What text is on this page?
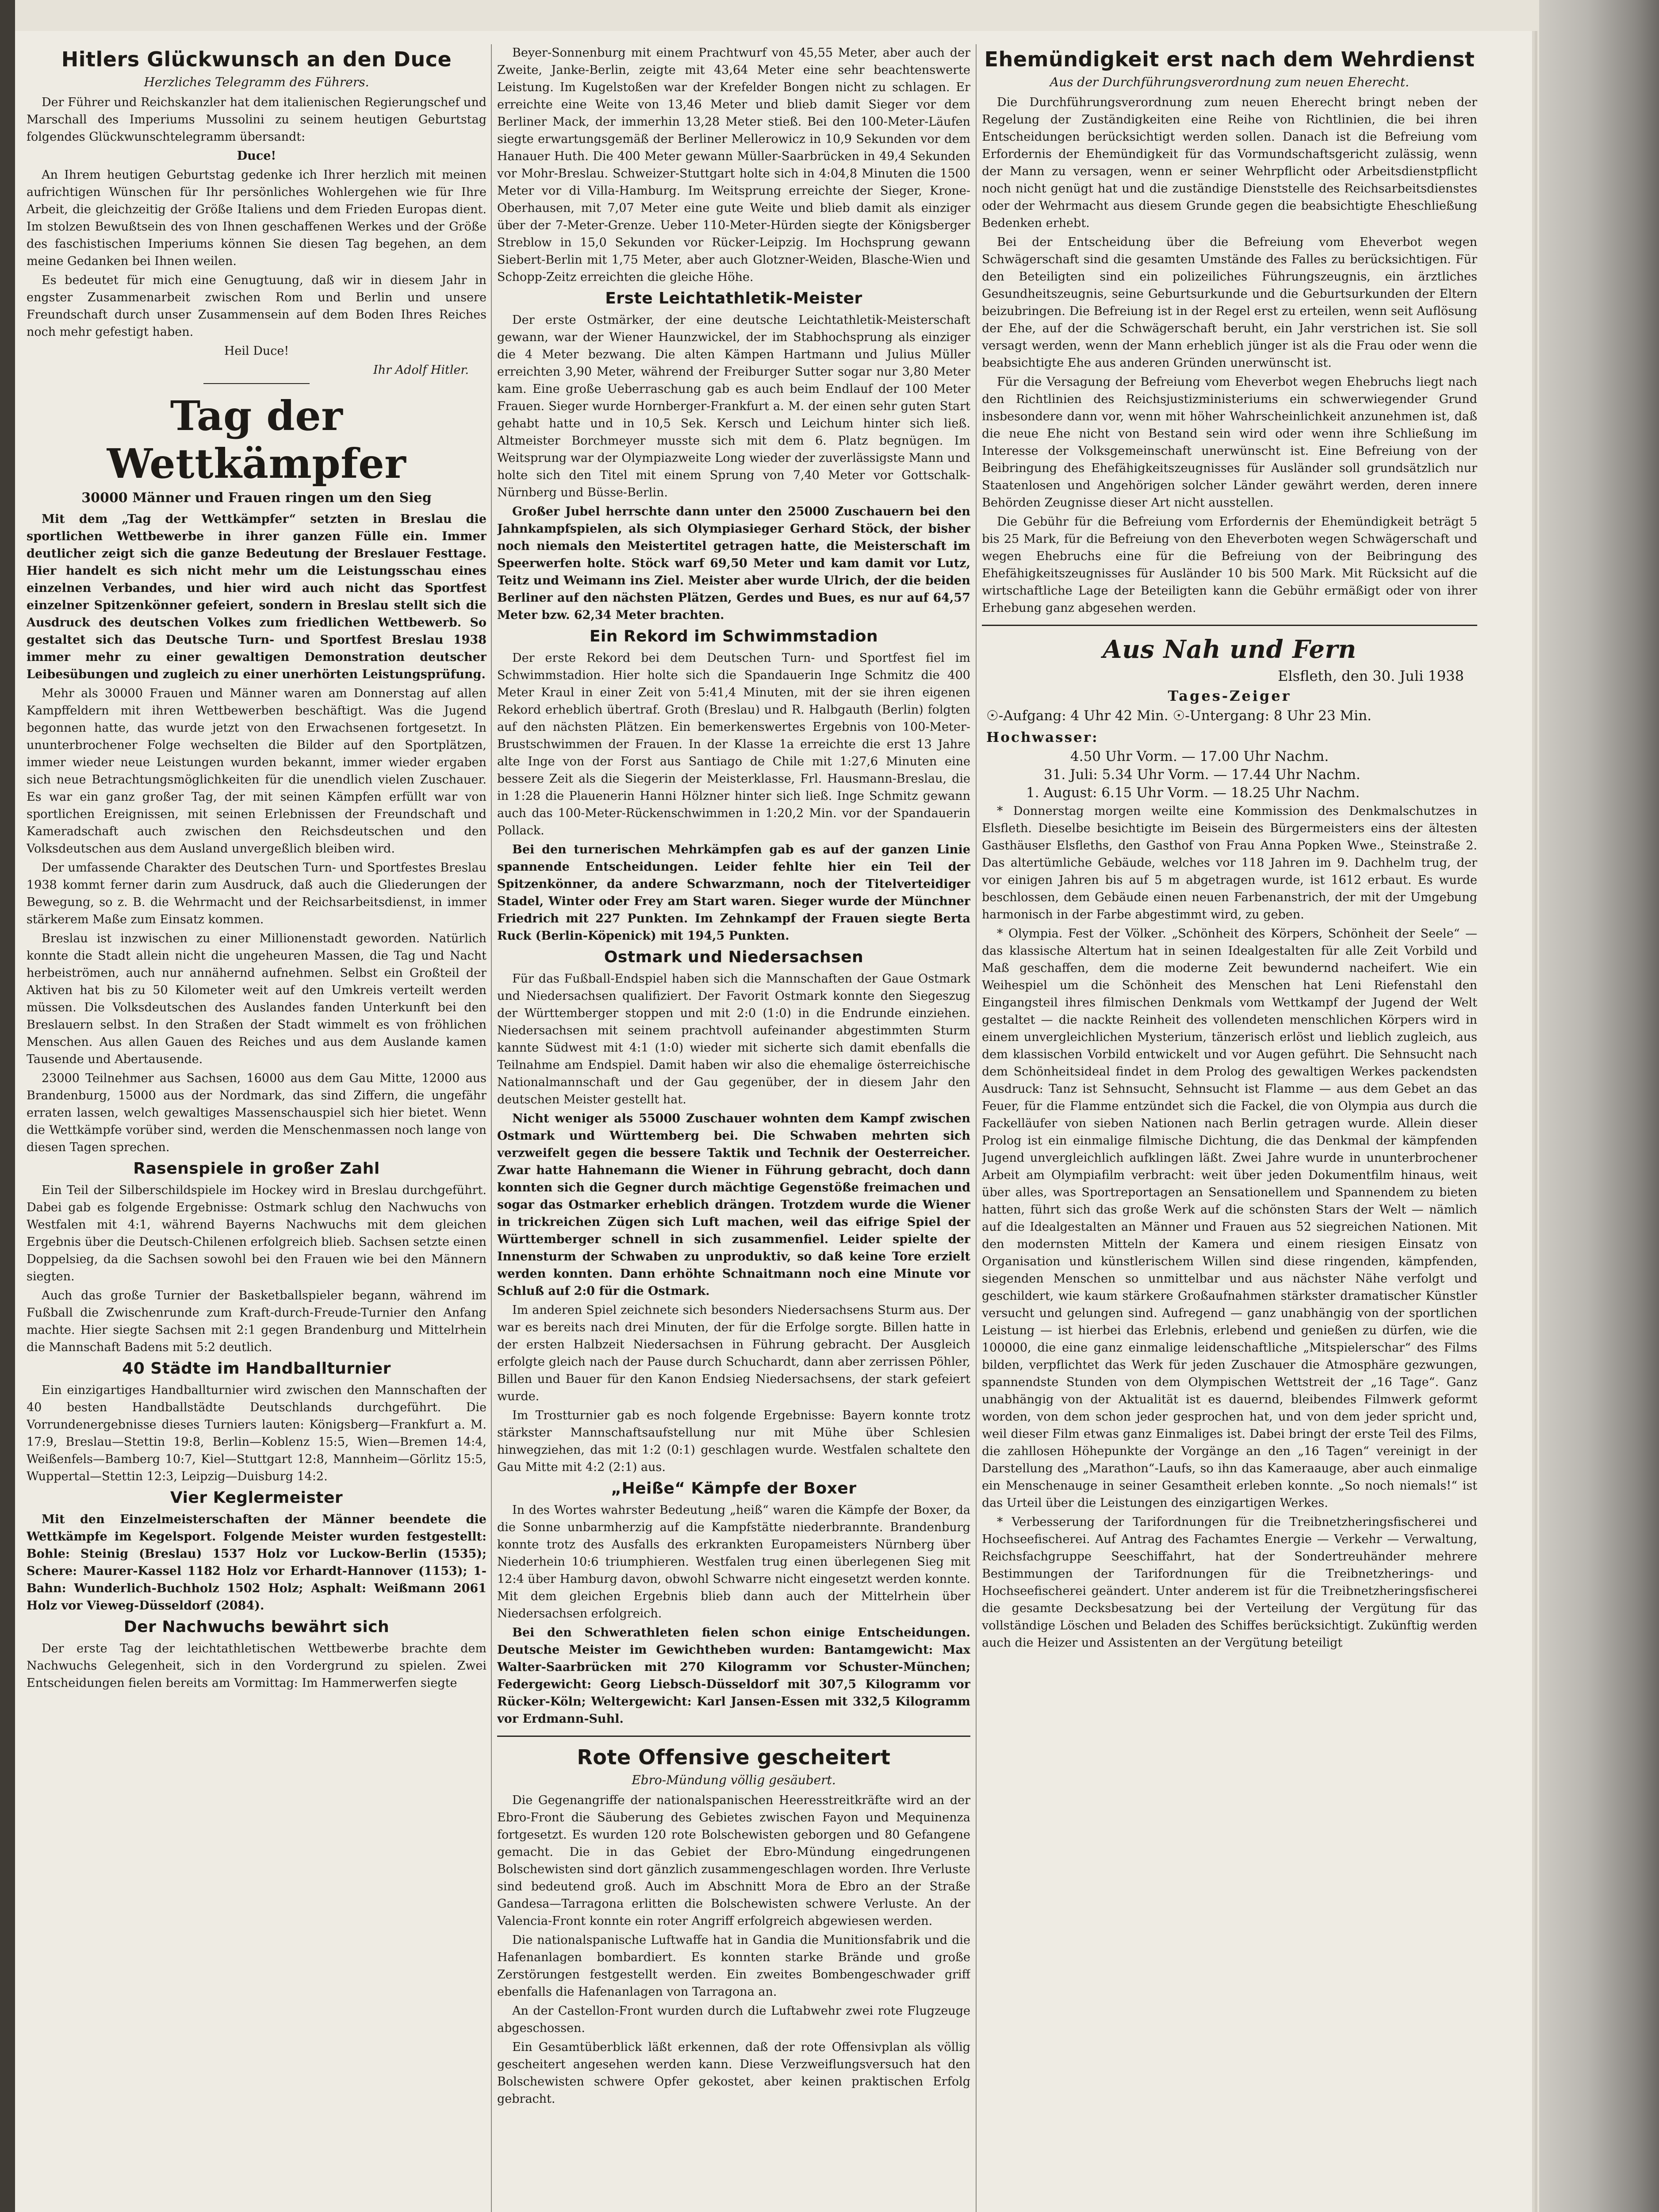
Hitlers Glückwunsch an den Duce
Herzliches Telegramm des Führers.

Der Führer und Reichskanzler hat dem italienischen Regierungschef und Marschall des Imperiums Mussolini zu seinem heutigen Geburtstag folgendes Glückwunschtelegramm übersandt:

Duce!

An Ihrem heutigen Geburtstag gedenke ich Ihrer herzlich mit meinen aufrichtigen Wünschen für Ihr persönliches Wohlergehen wie für Ihre Arbeit, die gleichzeitig der Größe Italiens und dem Frieden Europas dient. Im stolzen Bewußtsein des von Ihnen geschaffenen Werkes und der Größe des faschistischen Imperiums können Sie diesen Tag begehen, an dem meine Gedanken bei Ihnen weilen.

Es bedeutet für mich eine Genugtuung, daß wir in diesem Jahr in engster Zusammenarbeit zwischen Rom und Berlin und unsere Freundschaft durch unser Zusammensein auf dem Boden Ihres Reiches noch mehr gefestigt haben.

Heil Duce!

Ihr Adolf Hitler.
Tag der Wettkämpfer
30000 Männer und Frauen ringen um den Sieg

Mit dem „Tag der Wettkämpfer“ setzten in Breslau die sportlichen Wettbewerbe in ihrer ganzen Fülle ein. Immer deutlicher zeigt sich die ganze Bedeutung der Breslauer Festtage. Hier handelt es sich nicht mehr um die Leistungsschau eines einzelnen Verbandes, und hier wird auch nicht das Sportfest einzelner Spitzenkönner gefeiert, sondern in Breslau stellt sich die Ausdruck des deutschen Volkes zum friedlichen Wettbewerb. So gestaltet sich das Deutsche Turn- und Sportfest Breslau 1938 immer mehr zu einer gewaltigen Demonstration deutscher Leibesübungen und zugleich zu einer unerhörten Leistungsprüfung.

Mehr als 30000 Frauen und Männer waren am Donnerstag auf allen Kampffeldern mit ihren Wettbewerben beschäftigt. Was die Jugend begonnen hatte, das wurde jetzt von den Erwachsenen fortgesetzt. In ununterbrochener Folge wechselten die Bilder auf den Sportplätzen, immer wieder neue Leistungen wurden bekannt, immer wieder ergaben sich neue Betrachtungsmöglichkeiten für die unendlich vielen Zuschauer. Es war ein ganz großer Tag, der mit seinen Kämpfen erfüllt war von sportlichen Ereignissen, mit seinen Erlebnissen der Freundschaft und Kameradschaft auch zwischen den Reichsdeutschen und den Volksdeutschen aus dem Ausland unvergeßlich bleiben wird.

Der umfassende Charakter des Deutschen Turn- und Sportfestes Breslau 1938 kommt ferner darin zum Ausdruck, daß auch die Gliederungen der Bewegung, so z. B. die Wehrmacht und der Reichsarbeitsdienst, in immer stärkerem Maße zum Einsatz kommen.

Breslau ist inzwischen zu einer Millionenstadt geworden. Natürlich konnte die Stadt allein nicht die ungeheuren Massen, die Tag und Nacht herbeiströmen, auch nur annähernd aufnehmen. Selbst ein Großteil der Aktiven hat bis zu 50 Kilometer weit auf den Umkreis verteilt werden müssen. Die Volksdeutschen des Auslandes fanden Unterkunft bei den Breslauern selbst. In den Straßen der Stadt wimmelt es von fröhlichen Menschen. Aus allen Gauen des Reiches und aus dem Auslande kamen Tausende und Abertausende.

23000 Teilnehmer aus Sachsen, 16000 aus dem Gau Mitte, 12000 aus Brandenburg, 15000 aus der Nordmark, das sind Ziffern, die ungefähr erraten lassen, welch gewaltiges Massenschauspiel sich hier bietet. Wenn die Wettkämpfe vorüber sind, werden die Menschenmassen noch lange von diesen Tagen sprechen.

Rasenspiele in großer Zahl

Ein Teil der Silberschildspiele im Hockey wird in Breslau durchgeführt. Dabei gab es folgende Ergebnisse: Ostmark schlug den Nachwuchs von Westfalen mit 4:1, während Bayerns Nachwuchs mit dem gleichen Ergebnis über die Deutsch-Chilenen erfolgreich blieb. Sachsen setzte einen Doppelsieg, da die Sachsen sowohl bei den Frauen wie bei den Männern siegten.

Auch das große Turnier der Basketballspieler begann, während im Fußball die Zwischenrunde zum Kraft-durch-Freude-Turnier den Anfang machte. Hier siegte Sachsen mit 2:1 gegen Brandenburg und Mittelrhein die Mannschaft Badens mit 5:2 deutlich.

40 Städte im Handballturnier

Ein einzigartiges Handballturnier wird zwischen den Mannschaften der 40 besten Handballstädte Deutschlands durchgeführt. Die Vorrundenergebnisse dieses Turniers lauten: Königsberg—Frankfurt a. M. 17:9, Breslau—Stettin 19:8, Berlin—Koblenz 15:5, Wien—Bremen 14:4, Weißenfels—Bamberg 10:7, Kiel—Stuttgart 12:8, Mannheim—Görlitz 15:5, Wuppertal—Stettin 12:3, Leipzig—Duisburg 14:2.

Vier Keglermeister

Mit den Einzelmeisterschaften der Männer beendete die Wettkämpfe im Kegelsport. Folgende Meister wurden festgestellt: Bohle: Steinig (Breslau) 1537 Holz vor Luckow-Berlin (1535); Schere: Maurer-Kassel 1182 Holz vor Erhardt-Hannover (1153); 1-Bahn: Wunderlich-Buchholz 1502 Holz; Asphalt: Weißmann 2061 Holz vor Vieweg-Düsseldorf (2084).

Der Nachwuchs bewährt sich

Der erste Tag der leichtathletischen Wettbewerbe brachte dem Nachwuchs Gelegenheit, sich in den Vordergrund zu spielen. Zwei Entscheidungen fielen bereits am Vormittag: Im Hammerwerfen siegte

Beyer-Sonnenburg mit einem Prachtwurf von 45,55 Meter, aber auch der Zweite, Janke-Berlin, zeigte mit 43,64 Meter eine sehr beachtenswerte Leistung. Im Kugelstoßen war der Krefelder Bongen nicht zu schlagen. Er erreichte eine Weite von 13,46 Meter und blieb damit Sieger vor dem Berliner Mack, der immerhin 13,28 Meter stieß. Bei den 100-Meter-Läufen siegte erwartungsgemäß der Berliner Mellerowicz in 10,9 Sekunden vor dem Hanauer Huth. Die 400 Meter gewann Müller-Saarbrücken in 49,4 Sekunden vor Mohr-Breslau. Schweizer-Stuttgart holte sich in 4:04,8 Minuten die 1500 Meter vor di Villa-Hamburg. Im Weitsprung erreichte der Sieger, Krone-Oberhausen, mit 7,07 Meter eine gute Weite und blieb damit als einziger über der 7-Meter-Grenze. Ueber 110-Meter-Hürden siegte der Königsberger Streblow in 15,0 Sekunden vor Rücker-Leipzig. Im Hochsprung gewann Siebert-Berlin mit 1,75 Meter, aber auch Glotzner-Weiden, Blasche-Wien und Schopp-Zeitz erreichten die gleiche Höhe.

Erste Leichtathletik-Meister

Der erste Ostmärker, der eine deutsche Leichtathletik-Meisterschaft gewann, war der Wiener Haunzwickel, der im Stabhochsprung als einziger die 4 Meter bezwang. Die alten Kämpen Hartmann und Julius Müller erreichten 3,90 Meter, während der Freiburger Sutter sogar nur 3,80 Meter kam. Eine große Ueberraschung gab es auch beim Endlauf der 100 Meter Frauen. Sieger wurde Hornberger-Frankfurt a. M. der einen sehr guten Start gehabt hatte und in 10,5 Sek. Kersch und Leichum hinter sich ließ. Altmeister Borchmeyer musste sich mit dem 6. Platz begnügen. Im Weitsprung war der Olympiazweite Long wieder der zuverlässigste Mann und holte sich den Titel mit einem Sprung von 7,40 Meter vor Gottschalk-Nürnberg und Büsse-Berlin.

Großer Jubel herrschte dann unter den 25000 Zuschauern bei den Jahnkampfspielen, als sich Olympiasieger Gerhard Stöck, der bisher noch niemals den Meistertitel getragen hatte, die Meisterschaft im Speerwerfen holte. Stöck warf 69,50 Meter und kam damit vor Lutz, Teitz und Weimann ins Ziel. Meister aber wurde Ulrich, der die beiden Berliner auf den nächsten Plätzen, Gerdes und Bues, es nur auf 64,57 Meter bzw. 62,34 Meter brachten.

Ein Rekord im Schwimmstadion

Der erste Rekord bei dem Deutschen Turn- und Sportfest fiel im Schwimmstadion. Hier holte sich die Spandauerin Inge Schmitz die 400 Meter Kraul in einer Zeit von 5:41,4 Minuten, mit der sie ihren eigenen Rekord erheblich übertraf. Groth (Breslau) und R. Halbgauth (Berlin) folgten auf den nächsten Plätzen. Ein bemerkenswertes Ergebnis von 100-Meter-Brustschwimmen der Frauen. In der Klasse 1a erreichte die erst 13 Jahre alte Inge von der Forst aus Santiago de Chile mit 1:27,6 Minuten eine bessere Zeit als die Siegerin der Meisterklasse, Frl. Hausmann-Breslau, die in 1:28 die Plauenerin Hanni Hölzner hinter sich ließ. Inge Schmitz gewann auch das 100-Meter-Rückenschwimmen in 1:20,2 Min. vor der Spandauerin Pollack.

Bei den turnerischen Mehrkämpfen gab es auf der ganzen Linie spannende Entscheidungen. Leider fehlte hier ein Teil der Spitzenkönner, da andere Schwarzmann, noch der Titelverteidiger Stadel, Winter oder Frey am Start waren. Sieger wurde der Münchner Friedrich mit 227 Punkten. Im Zehnkampf der Frauen siegte Berta Ruck (Berlin-Köpenick) mit 194,5 Punkten.

Ostmark und Niedersachsen

Für das Fußball-Endspiel haben sich die Mannschaften der Gaue Ostmark und Niedersachsen qualifiziert. Der Favorit Ostmark konnte den Siegeszug der Württemberger stoppen und mit 2:0 (1:0) in die Endrunde einziehen. Niedersachsen mit seinem prachtvoll aufeinander abgestimmten Sturm kannte Südwest mit 4:1 (1:0) wieder mit sicherte sich damit ebenfalls die Teilnahme am Endspiel. Damit haben wir also die ehemalige österreichische Nationalmannschaft und der Gau gegenüber, der in diesem Jahr den deutschen Meister gestellt hat.

Nicht weniger als 55000 Zuschauer wohnten dem Kampf zwischen Ostmark und Württemberg bei. Die Schwaben mehrten sich verzweifelt gegen die bessere Taktik und Technik der Oesterreicher. Zwar hatte Hahnemann die Wiener in Führung gebracht, doch dann konnten sich die Gegner durch mächtige Gegenstöße freimachen und sogar das Ostmarker erheblich drängen. Trotzdem wurde die Wiener in trickreichen Zügen sich Luft machen, weil das eifrige Spiel der Württemberger schnell in sich zusammenfiel. Leider spielte der Innensturm der Schwaben zu unproduktiv, so daß keine Tore erzielt werden konnten. Dann erhöhte Schnaitmann noch eine Minute vor Schluß auf 2:0 für die Ostmark.

Im anderen Spiel zeichnete sich besonders Niedersachsens Sturm aus. Der war es bereits nach drei Minuten, der für die Erfolge sorgte. Billen hatte in der ersten Halbzeit Niedersachsen in Führung gebracht. Der Ausgleich erfolgte gleich nach der Pause durch Schuchardt, dann aber zerrissen Pöhler, Billen und Bauer für den Kanon Endsieg Niedersachsens, der stark gefeiert wurde.

Im Trostturnier gab es noch folgende Ergebnisse: Bayern konnte trotz stärkster Mannschaftsaufstellung nur mit Mühe über Schlesien hinwegziehen, das mit 1:2 (0:1) geschlagen wurde. Westfalen schaltete den Gau Mitte mit 4:2 (2:1) aus.

„Heiße“ Kämpfe der Boxer

In des Wortes wahrster Bedeutung „heiß“ waren die Kämpfe der Boxer, da die Sonne unbarmherzig auf die Kampfstätte niederbrannte. Brandenburg konnte trotz des Ausfalls des erkrankten Europameisters Nürnberg über Niederhein 10:6 triumphieren. Westfalen trug einen überlegenen Sieg mit 12:4 über Hamburg davon, obwohl Schwarre nicht eingesetzt werden konnte. Mit dem gleichen Ergebnis blieb dann auch der Mittelrhein über Niedersachsen erfolgreich.

Bei den Schwerathleten fielen schon einige Entscheidungen. Deutsche Meister im Gewichtheben wurden: Bantamgewicht: Max Walter-Saarbrücken mit 270 Kilogramm vor Schuster-München; Federgewicht: Georg Liebsch-Düsseldorf mit 307,5 Kilogramm vor Rücker-Köln; Weltergewicht: Karl Jansen-Essen mit 332,5 Kilogramm vor Erdmann-Suhl.

Rote Offensive gescheitert
Ebro-Mündung völlig gesäubert.

Die Gegenangriffe der nationalspanischen Heeresstreitkräfte wird an der Ebro-Front die Säuberung des Gebietes zwischen Fayon und Mequinenza fortgesetzt. Es wurden 120 rote Bolschewisten geborgen und 80 Gefangene gemacht. Die in das Gebiet der Ebro-Mündung eingedrungenen Bolschewisten sind dort gänzlich zusammengeschlagen worden. Ihre Verluste sind bedeutend groß. Auch im Abschnitt Mora de Ebro an der Straße Gandesa—Tarragona erlitten die Bolschewisten schwere Verluste. An der Valencia-Front konnte ein roter Angriff erfolgreich abgewiesen werden.

Die nationalspanische Luftwaffe hat in Gandia die Munitionsfabrik und die Hafenanlagen bombardiert. Es konnten starke Brände und große Zerstörungen festgestellt werden. Ein zweites Bombengeschwader griff ebenfalls die Hafenanlagen von Tarragona an.

An der Castellon-Front wurden durch die Luftabwehr zwei rote Flugzeuge abgeschossen.

Ein Gesamtüberblick läßt erkennen, daß der rote Offensivplan als völlig gescheitert angesehen werden kann. Diese Verzweiflungsversuch hat den Bolschewisten schwere Opfer gekostet, aber keinen praktischen Erfolg gebracht.

Ehemündigkeit erst nach dem Wehrdienst
Aus der Durchführungsverordnung zum neuen Eherecht.

Die Durchführungsverordnung zum neuen Eherecht bringt neben der Regelung der Zuständigkeiten eine Reihe von Richtlinien, die bei ihren Entscheidungen berücksichtigt werden sollen. Danach ist die Befreiung vom Erfordernis der Ehemündigkeit für das Vormundschaftsgericht zulässig, wenn der Mann zu versagen, wenn er seiner Wehrpflicht oder Arbeitsdienstpflicht noch nicht genügt hat und die zuständige Dienststelle des Reichsarbeitsdienstes oder der Wehrmacht aus diesem Grunde gegen die beabsichtigte Eheschließung Bedenken erhebt.

Bei der Entscheidung über die Befreiung vom Eheverbot wegen Schwägerschaft sind die gesamten Umstände des Falles zu berücksichtigen. Für den Beteiligten sind ein polizeiliches Führungszeugnis, ein ärztliches Gesundheitszeugnis, seine Geburtsurkunde und die Geburtsurkunden der Eltern beizubringen. Die Befreiung ist in der Regel erst zu erteilen, wenn seit Auflösung der Ehe, auf der die Schwägerschaft beruht, ein Jahr verstrichen ist. Sie soll versagt werden, wenn der Mann erheblich jünger ist als die Frau oder wenn die beabsichtigte Ehe aus anderen Gründen unerwünscht ist.

Für die Versagung der Befreiung vom Eheverbot wegen Ehebruchs liegt nach den Richtlinien des Reichsjustizministeriums ein schwerwiegender Grund insbesondere dann vor, wenn mit höher Wahrscheinlichkeit anzunehmen ist, daß die neue Ehe nicht von Bestand sein wird oder wenn ihre Schließung im Interesse der Volksgemeinschaft unerwünscht ist. Eine Befreiung von der Beibringung des Ehefähigkeitszeugnisses für Ausländer soll grundsätzlich nur Staatenlosen und Angehörigen solcher Länder gewährt werden, deren innere Behörden Zeugnisse dieser Art nicht ausstellen.

Die Gebühr für die Befreiung vom Erfordernis der Ehemündigkeit beträgt 5 bis 25 Mark, für die Befreiung von den Eheverboten wegen Schwägerschaft und wegen Ehebruchs eine für die Befreiung von der Beibringung des Ehefähigkeitszeugnisses für Ausländer 10 bis 500 Mark. Mit Rücksicht auf die wirtschaftliche Lage der Beteiligten kann die Gebühr ermäßigt oder von ihrer Erhebung ganz abgesehen werden.

Aus Nah und Fern

Elsfleth, den 30. Juli 1938

Tages-Zeiger

☉-Aufgang: 4 Uhr 42 Min. ☉-Untergang: 8 Uhr 23 Min.

Hochwasser:

4.50 Uhr Vorm. — 17.00 Uhr Nachm.

31. Juli: 5.34 Uhr Vorm. — 17.44 Uhr Nachm.

1. August: 6.15 Uhr Vorm. — 18.25 Uhr Nachm.

* Donnerstag morgen weilte eine Kommission des Denkmalschutzes in Elsfleth. Dieselbe besichtigte im Beisein des Bürgermeisters eins der ältesten Gasthäuser Elsfleths, den Gasthof von Frau Anna Popken Wwe., Steinstraße 2. Das altertümliche Gebäude, welches vor 118 Jahren im 9. Dachhelm trug, der vor einigen Jahren bis auf 5 m abgetragen wurde, ist 1612 erbaut. Es wurde beschlossen, dem Gebäude einen neuen Farbenanstrich, der mit der Umgebung harmonisch in der Farbe abgestimmt wird, zu geben.

* Olympia. Fest der Völker. „Schönheit des Körpers, Schönheit der Seele“ — das klassische Altertum hat in seinen Idealgestalten für alle Zeit Vorbild und Maß geschaffen, dem die moderne Zeit bewundernd nacheifert. Wie ein Weihespiel um die Schönheit des Menschen hat Leni Riefenstahl den Eingangsteil ihres filmischen Denkmals vom Wettkampf der Jugend der Welt gestaltet — die nackte Reinheit des vollendeten menschlichen Körpers wird in einem unvergleichlichen Mysterium, tänzerisch erlöst und lieblich zugleich, aus dem klassischen Vorbild entwickelt und vor Augen geführt. Die Sehnsucht nach dem Schönheitsideal findet in dem Prolog des gewaltigen Werkes packendsten Ausdruck: Tanz ist Sehnsucht, Sehnsucht ist Flamme — aus dem Gebet an das Feuer, für die Flamme entzündet sich die Fackel, die von Olympia aus durch die Fackelläufer von sieben Nationen nach Berlin getragen wurde. Allein dieser Prolog ist ein einmalige filmische Dichtung, die das Denkmal der kämpfenden Jugend unvergleichlich aufklingen läßt. Zwei Jahre wurde in ununterbrochener Arbeit am Olympiafilm verbracht: weit über jeden Dokumentfilm hinaus, weit über alles, was Sportreportagen an Sensationellem und Spannendem zu bieten hatten, führt sich das große Werk auf die schönsten Stars der Welt — nämlich auf die Idealgestalten an Männer und Frauen aus 52 siegreichen Nationen. Mit den modernsten Mitteln der Kamera und einem riesigen Einsatz von Organisation und künstlerischem Willen sind diese ringenden, kämpfenden, siegenden Menschen so unmittelbar und aus nächster Nähe verfolgt und geschildert, wie kaum stärkere Großaufnahmen stärkster dramatischer Künstler versucht und gelungen sind. Aufregend — ganz unabhängig von der sportlichen Leistung — ist hierbei das Erlebnis, erlebend und genießen zu dürfen, wie die 100000, die eine ganz einmalige leidenschaftliche „Mitspielerschar“ des Films bilden, verpflichtet das Werk für jeden Zuschauer die Atmosphäre gezwungen, spannendste Stunden von dem Olympischen Wettstreit der „16 Tage“. Ganz unabhängig von der Aktualität ist es dauernd, bleibendes Filmwerk geformt worden, von dem schon jeder gesprochen hat, und von dem jeder spricht und, weil dieser Film etwas ganz Einmaliges ist. Dabei bringt der erste Teil des Films, die zahllosen Höhepunkte der Vorgänge an den „16 Tagen“ vereinigt in der Darstellung des „Marathon“-Laufs, so ihn das Kameraauge, aber auch einmalige ein Menschenauge in seiner Gesamtheit erleben konnte. „So noch niemals!“ ist das Urteil über die Leistungen des einzigartigen Werkes.

* Verbesserung der Tarifordnungen für die Treibnetzheringsfischerei und Hochseefischerei. Auf Antrag des Fachamtes Energie — Verkehr — Verwaltung, Reichsfachgruppe Seeschiffahrt, hat der Sondertreuhänder mehrere Bestimmungen der Tarifordnungen für die Treibnetzherings- und Hochseefischerei geändert. Unter anderem ist für die Treibnetzheringsfischerei die gesamte Decksbesatzung bei der Verteilung der Vergütung für das vollständige Löschen und Beladen des Schiffes berücksichtigt. Zukünftig werden auch die Heizer und Assistenten an der Vergütung beteiligt
